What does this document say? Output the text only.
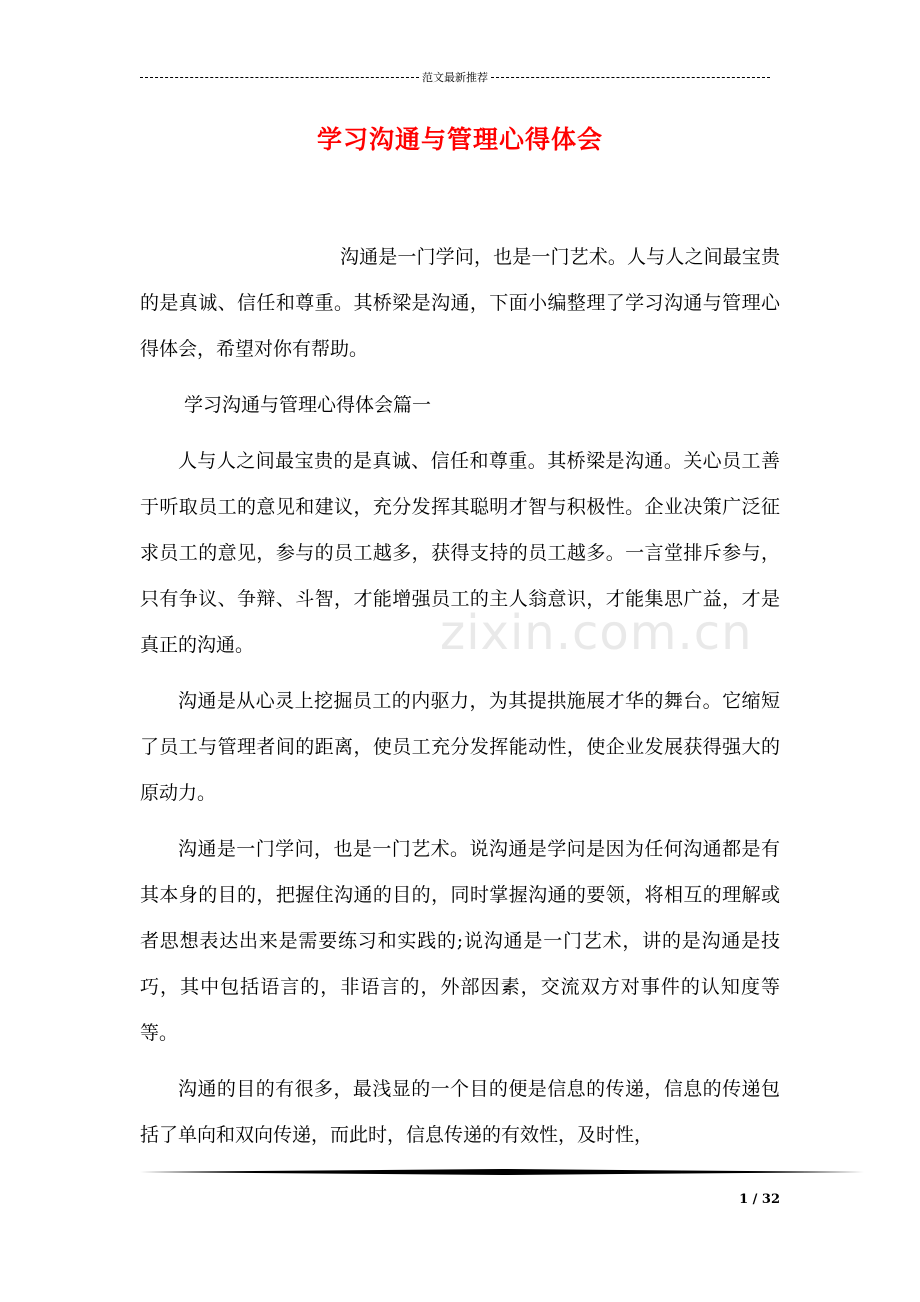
范文最新推荐
学习沟通与管理心得体会
zixin.com.cn

沟通是一门学问，也是一门艺术。人与人之间最宝贵的是真诚、信任和尊重。其桥梁是沟通，下面小编整理了学习沟通与管理心得体会，希望对你有帮助。

学习沟通与管理心得体会篇一

人与人之间最宝贵的是真诚、信任和尊重。其桥梁是沟通。关心员工善于听取员工的意见和建议，充分发挥其聪明才智与积极性。企业决策广泛征求员工的意见，参与的员工越多，获得支持的员工越多。一言堂排斥参与，只有争议、争辩、斗智，才能增强员工的主人翁意识，才能集思广益，才是真正的沟通。

沟通是从心灵上挖掘员工的内驱力，为其提拱施展才华的舞台。它缩短了员工与管理者间的距离，使员工充分发挥能动性，使企业发展获得强大的原动力。

沟通是一门学问，也是一门艺术。说沟通是学问是因为任何沟通都是有其本身的目的，把握住沟通的目的，同时掌握沟通的要领，将相互的理解或者思想表达出来是需要练习和实践的;说沟通是一门艺术，讲的是沟通是技巧，其中包括语言的，非语言的，外部因素，交流双方对事件的认知度等等。

沟通的目的有很多，最浅显的一个目的便是信息的传递，信息的传递包括了单向和双向传递，而此时，信息传递的有效性，及时性，

1 / 32
